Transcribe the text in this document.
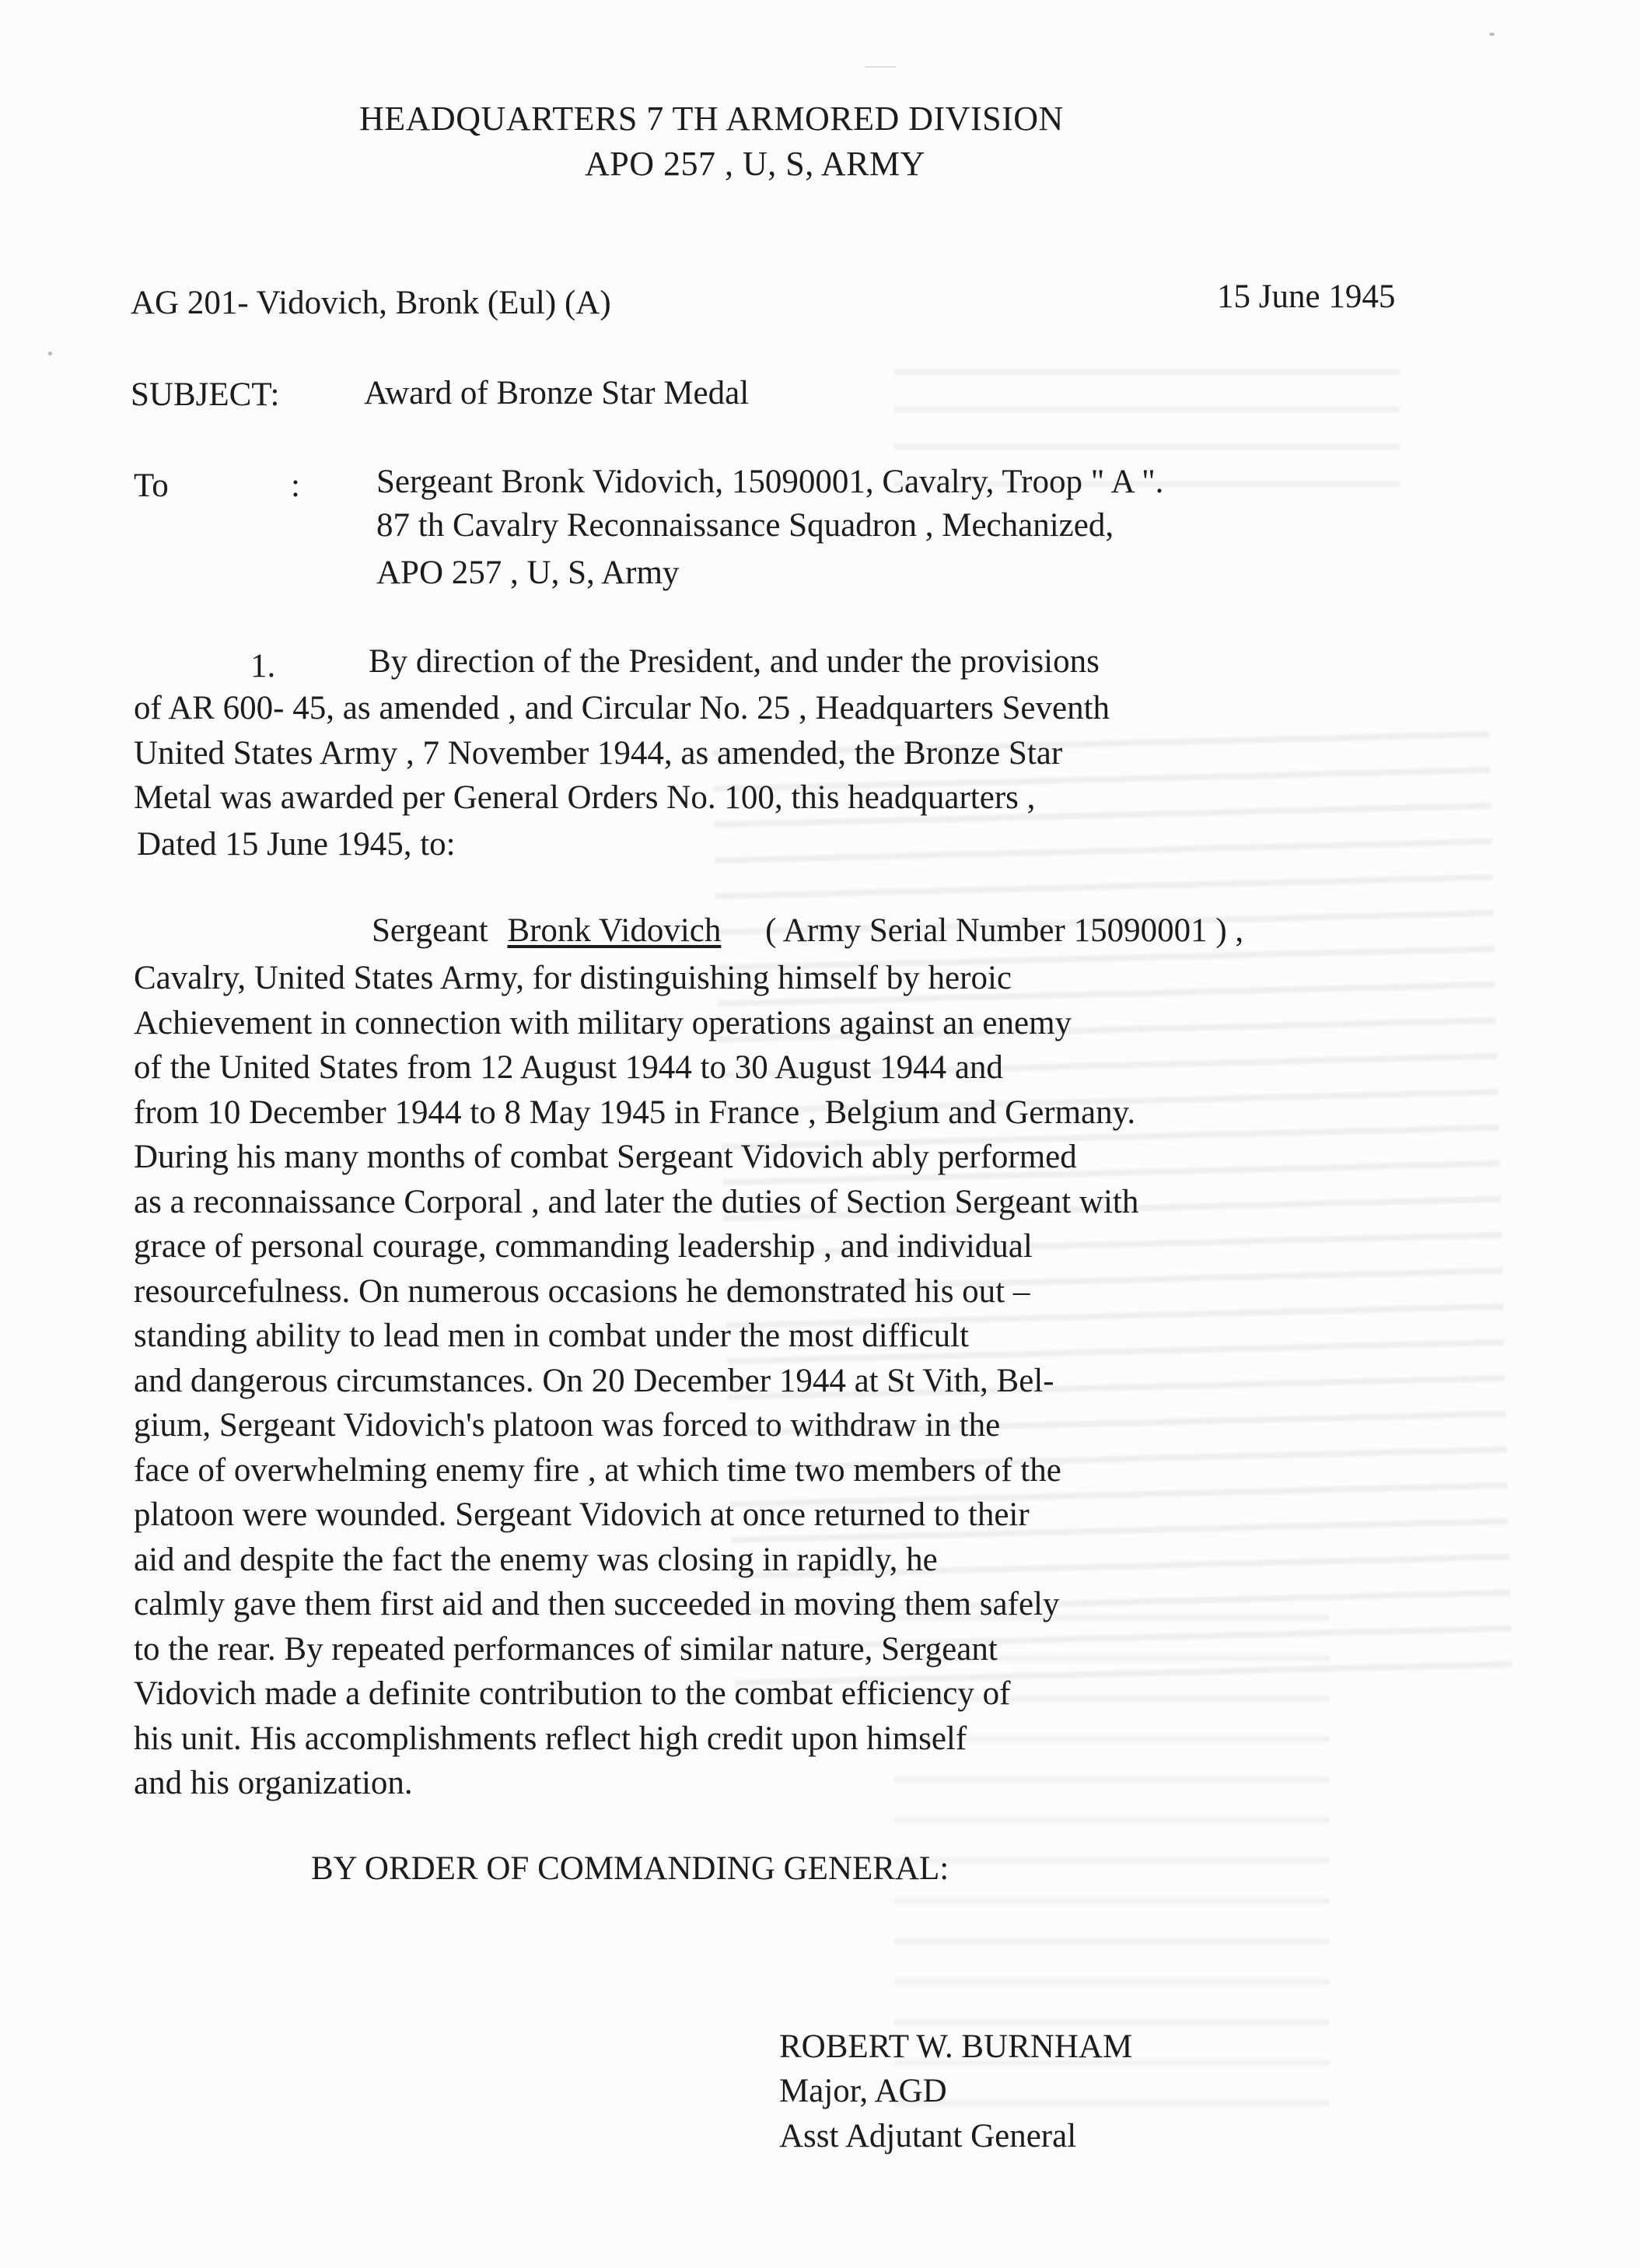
HEADQUARTERS 7 TH ARMORED DIVISION
APO 257 , U, S, ARMY
AG 201- Vidovich, Bronk (Eul) (A)	15 June 1945
SUBJECT:	Award of Bronze Star Medal
To	: Sergeant Bronk Vidovich, 15090001, Cavalry, Troop " A ".
87 th Cavalry Reconnaissance Squadron , Mechanized,
APO 257 , U, S, Army
1.	By direction of the President, and under the provisions
of AR 600- 45, as amended , and Circular No. 25 , Headquarters Seventh
United States Army , 7 November 1944, as amended, the Bronze Star
Metal was awarded per General Orders No. 100, this headquarters ,
Dated 15 June 1945, to:
Sergeant Bronk Vidovich ( Army Serial Number 15090001 ) ,
Cavalry, United States Army, for distinguishing himself by heroic
Achievement in connection with military operations against an enemy
of the United States from 12 August 1944 to 30 August 1944 and
from 10 December 1944 to 8 May 1945 in France , Belgium and Germany.
During his many months of combat Sergeant Vidovich ably performed
as a reconnaissance Corporal , and later the duties of Section Sergeant with
grace of personal courage, commanding leadership , and individual
resourcefulness. On numerous occasions he demonstrated his out –
standing ability to lead men in combat under the most difficult
and dangerous circumstances. On 20 December 1944 at St Vith, Bel-
gium, Sergeant Vidovich's platoon was forced to withdraw in the
face of overwhelming enemy fire , at which time two members of the
platoon were wounded. Sergeant Vidovich at once returned to their
aid and despite the fact the enemy was closing in rapidly, he
calmly gave them first aid and then succeeded in moving them safely
to the rear. By repeated performances of similar nature, Sergeant
Vidovich made a definite contribution to the combat efficiency of
his unit. His accomplishments reflect high credit upon himself
and his organization.
BY ORDER OF COMMANDING GENERAL:
ROBERT W. BURNHAM
Major, AGD
Asst Adjutant General
